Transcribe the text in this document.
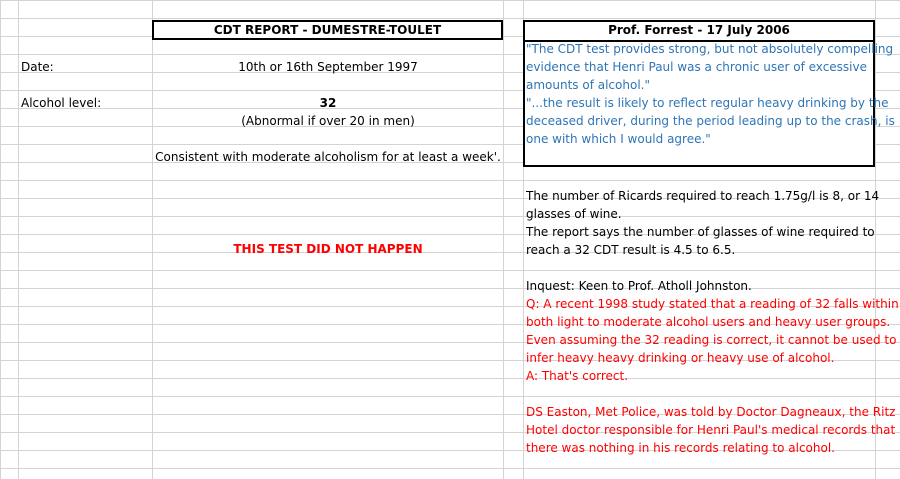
CDT REPORT - DUMESTRE-TOULET
Date:	10th or 16th September 1997
Alcohol level:	32
(Abnormal if over 20 in men)
Consistent with moderate alcoholism for at least a week'.
THIS TEST DID NOT HAPPEN
Prof. Forrest - 17 July 2006
"The CDT test provides strong, but not absolutely compelling
evidence that Henri Paul was a chronic user of excessive
amounts of alcohol."
"...the result is likely to reflect regular heavy drinking by the
deceased driver, during the period leading up to the crash, is
one with which I would agree."
The number of Ricards required to reach 1.75g/l is 8, or 14
glasses of wine.
The report says the number of glasses of wine required to
reach a 32 CDT result is 4.5 to 6.5.
Inquest: Keen to Prof. Atholl Johnston.
Q: A recent 1998 study stated that a reading of 32 falls within
both light to moderate alcohol users and heavy user groups.
Even assuming the 32 reading is correct, it cannot be used to
infer heavy heavy drinking or heavy use of alcohol.
A: That's correct.
DS Easton, Met Police, was told by Doctor Dagneaux, the Ritz
Hotel doctor responsible for Henri Paul's medical records that
there was nothing in his records relating to alcohol.
